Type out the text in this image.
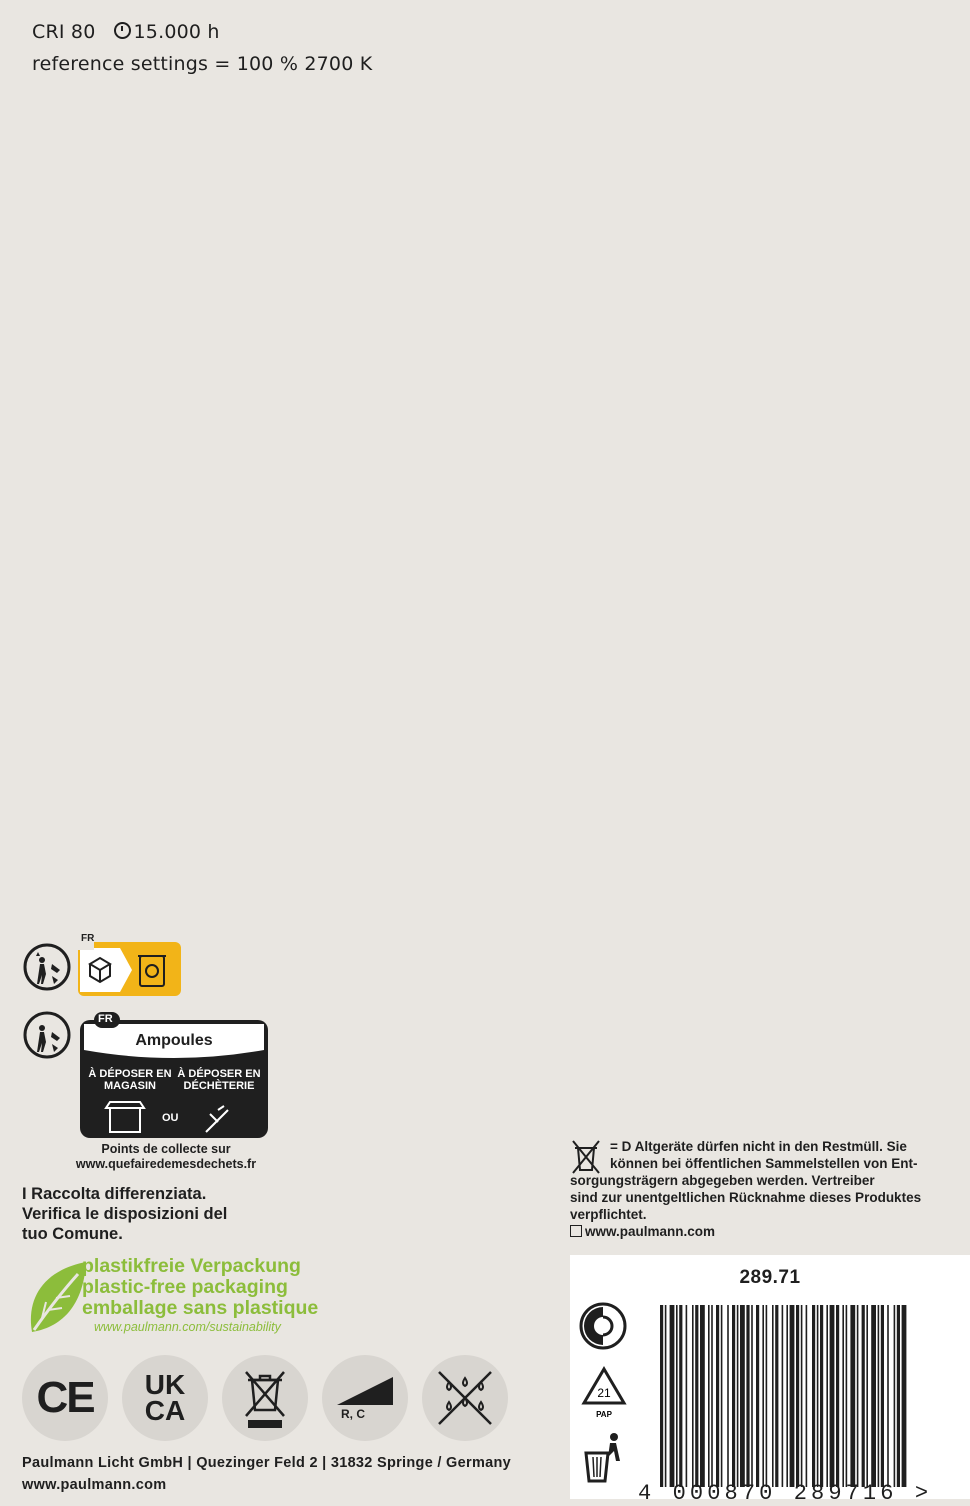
CRI 80	15.000 h
reference settings = 100 % 2700 K
FR
FR
Ampoules
À DÉPOSER EN MAGASIN
À DÉPOSER EN DÉCHÈTERIE
OU
Points de collecte sur
www.quefairedemesdechets.fr
I Raccolta differenziata.
Verifica le disposizioni del
tuo Comune.
plastikfreie Verpackung
plastic-free packaging
emballage sans plastique
www.paulmann.com/sustainability
CE UK
CA	R, C
Paulmann Licht GmbH | Quezinger Feld 2 | 31832 Springe / Germany
www.paulmann.com
= D Altgeräte dürfen nicht in den Restmüll. Sie
können bei öffentlichen Sammelstellen von Ent-
sorgungsträgern abgegeben werden. Vertreiber
sind zur unentgeltlichen Rücknahme dieses Produktes
verpflichtet.
www.paulmann.com
289.71
21
PAP
4 000870 289716 >
